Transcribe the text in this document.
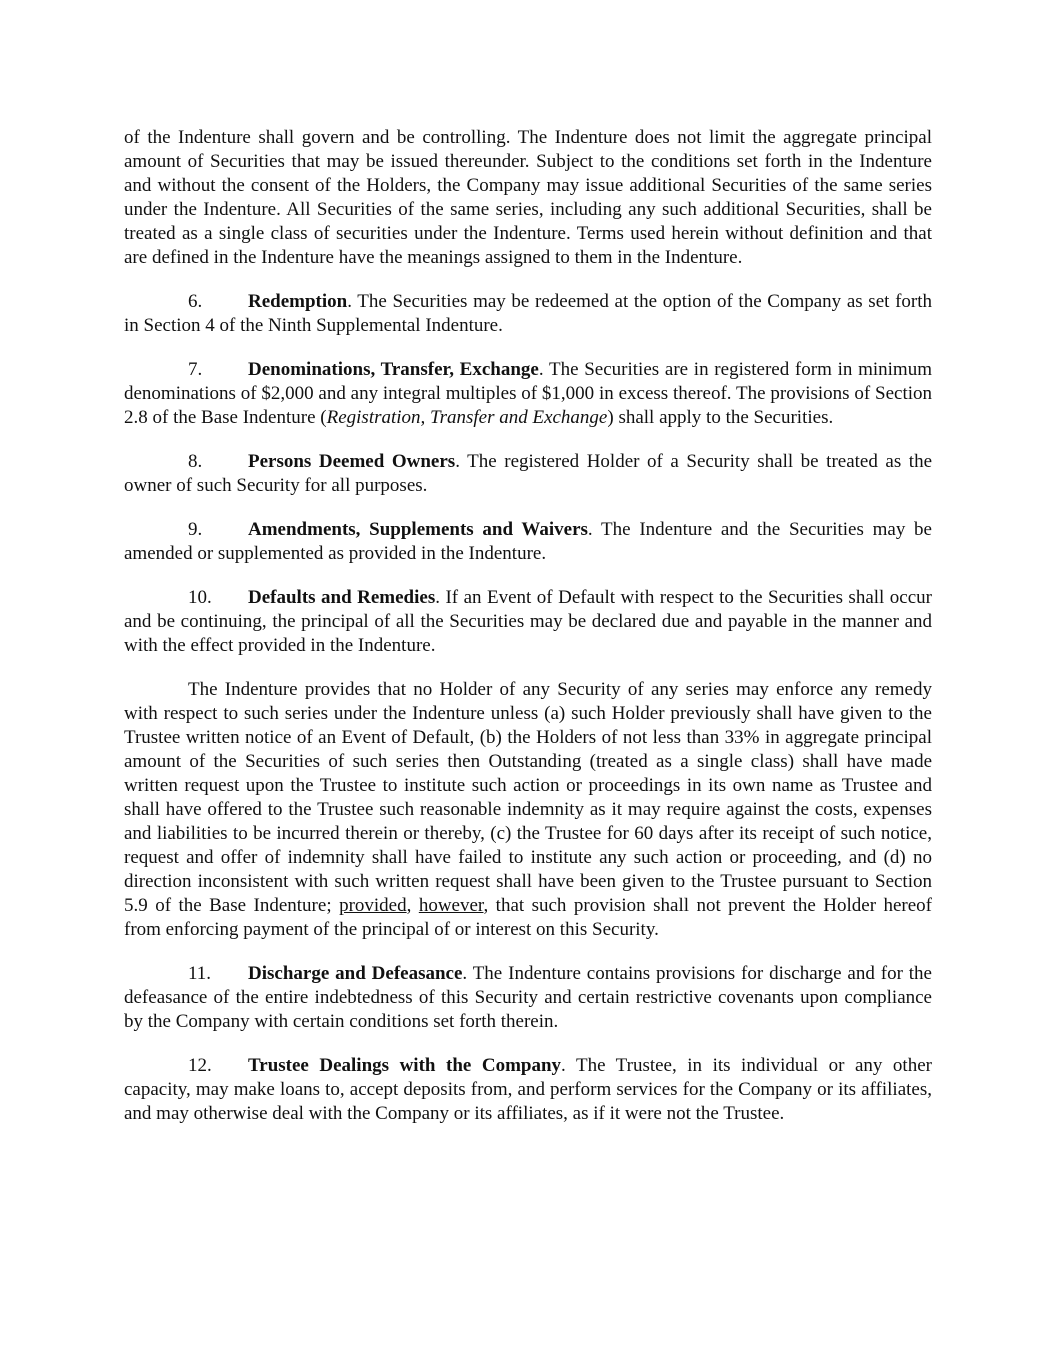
of the Indenture shall govern and be controlling. The Indenture does not limit the aggregate principal amount of Securities that may be issued thereunder. Subject to the conditions set forth in the Indenture and without the consent of the Holders, the Company may issue additional Securities of the same series under the Indenture. All Securities of the same series, including any such additional Securities, shall be treated as a single class of securities under the Indenture. Terms used herein without definition and that are defined in the Indenture have the meanings assigned to them in the Indenture.

6. Redemption. The Securities may be redeemed at the option of the Company as set forth in Section 4 of the Ninth Supplemental Indenture.

7. Denominations, Transfer, Exchange. The Securities are in registered form in minimum denominations of $2,000 and any integral multiples of $1,000 in excess thereof. The provisions of Section 2.8 of the Base Indenture (Registration, Transfer and Exchange) shall apply to the Securities.

8. Persons Deemed Owners. The registered Holder of a Security shall be treated as the owner of such Security for all purposes.

9. Amendments, Supplements and Waivers. The Indenture and the Securities may be amended or supplemented as provided in the Indenture.

10. Defaults and Remedies. If an Event of Default with respect to the Securities shall occur and be continuing, the principal of all the Securities may be declared due and payable in the manner and with the effect provided in the Indenture.

The Indenture provides that no Holder of any Security of any series may enforce any remedy with respect to such series under the Indenture unless (a) such Holder previously shall have given to the Trustee written notice of an Event of Default, (b) the Holders of not less than 33% in aggregate principal amount of the Securities of such series then Outstanding (treated as a single class) shall have made written request upon the Trustee to institute such action or proceedings in its own name as Trustee and shall have offered to the Trustee such reasonable indemnity as it may require against the costs, expenses and liabilities to be incurred therein or thereby, (c) the Trustee for 60 days after its receipt of such notice, request and offer of indemnity shall have failed to institute any such action or proceeding, and (d) no direction inconsistent with such written request shall have been given to the Trustee pursuant to Section 5.9 of the Base Indenture; provided, however, that such provision shall not prevent the Holder hereof from enforcing payment of the principal of or interest on this Security.

11. Discharge and Defeasance. The Indenture contains provisions for discharge and for the defeasance of the entire indebtedness of this Security and certain restrictive covenants upon compliance by the Company with certain conditions set forth therein.

12. Trustee Dealings with the Company. The Trustee, in its individual or any other capacity, may make loans to, accept deposits from, and perform services for the Company or its affiliates, and may otherwise deal with the Company or its affiliates, as if it were not the Trustee.
